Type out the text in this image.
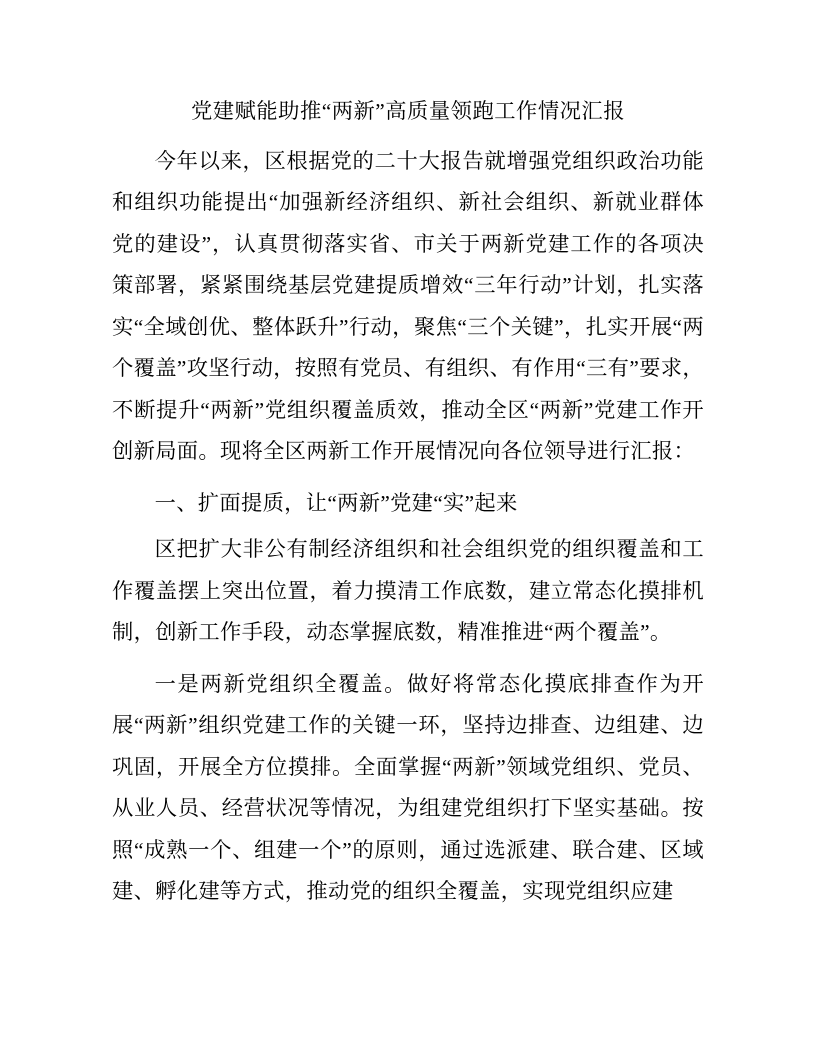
党建赋能助推“两新”高质量领跑工作情况汇报

今年以来，区根据党的二十大报告就增强党组织政治功能和组织功能提出“加强新经济组织、新社会组织、新就业群体党的建设”，认真贯彻落实省、市关于两新党建工作的各项决策部署，紧紧围绕基层党建提质增效“三年行动”计划，扎实落实“全域创优、整体跃升”行动，聚焦“三个关键”，扎实开展“两个覆盖”攻坚行动，按照有党员、有组织、有作用“三有”要求，不断提升“两新”党组织覆盖质效，推动全区“两新”党建工作开创新局面。现将全区两新工作开展情况向各位领导进行汇报：

一、扩面提质，让“两新”党建“实”起来

区把扩大非公有制经济组织和社会组织党的组织覆盖和工作覆盖摆上突出位置，着力摸清工作底数，建立常态化摸排机制，创新工作手段，动态掌握底数，精准推进“两个覆盖”。

一是两新党组织全覆盖。做好将常态化摸底排查作为开展“两新”组织党建工作的关键一环，坚持边排查、边组建、边巩固，开展全方位摸排。全面掌握“两新”领域党组织、党员、从业人员、经营状况等情况，为组建党组织打下坚实基础。按照“成熟一个、组建一个”的原则，通过选派建、联合建、区域建、孵化建等方式，推动党的组织全覆盖，实现党组织应建
